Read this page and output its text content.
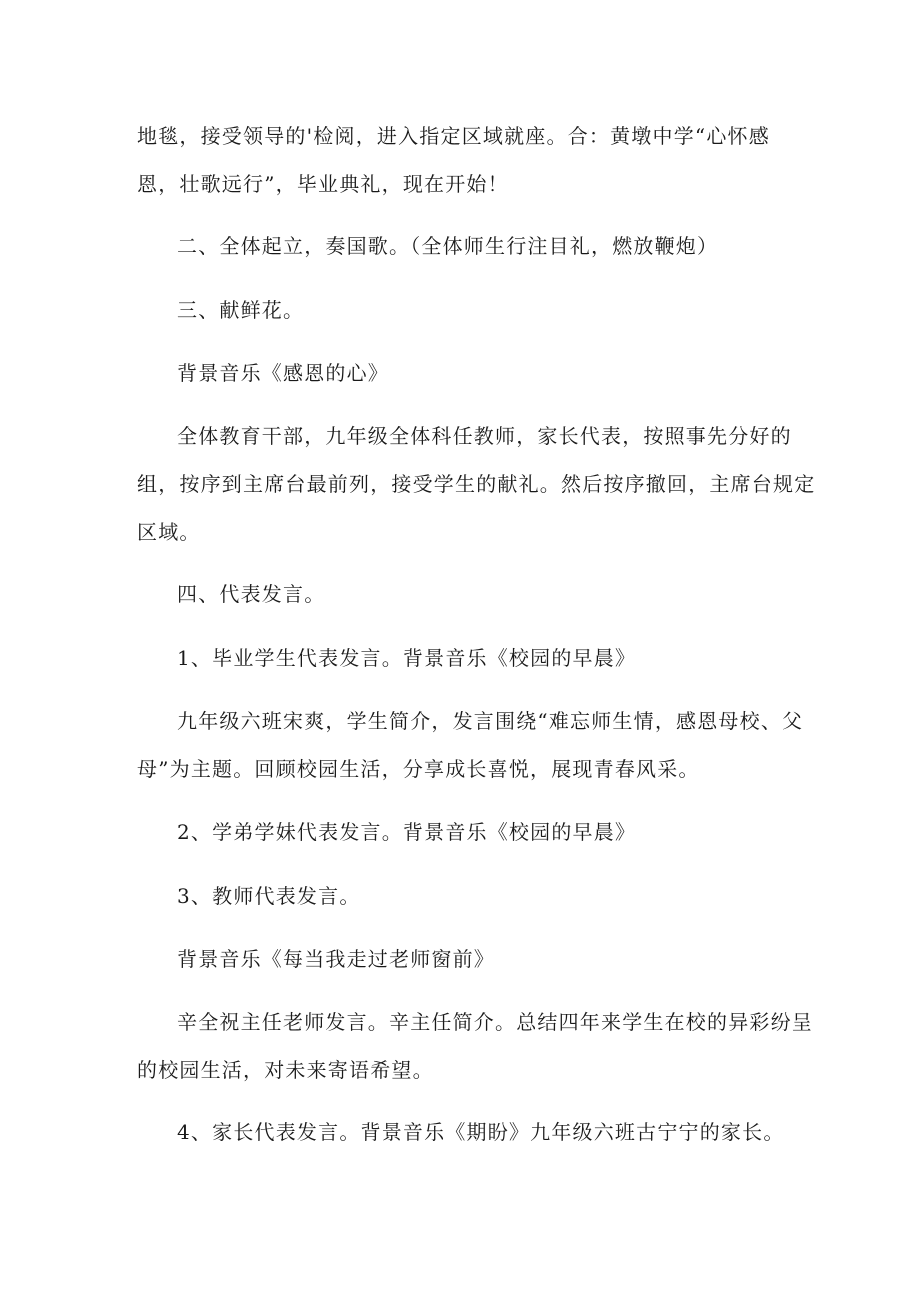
地毯，接受领导的'检阅，进入指定区域就座。合：黄墩中学“心怀感
恩，壮歌远行”，毕业典礼，现在开始！
二、全体起立，奏国歌。（全体师生行注目礼，燃放鞭炮）
三、献鲜花。
背景音乐《感恩的心》
全体教育干部，九年级全体科任教师，家长代表，按照事先分好的
组，按序到主席台最前列，接受学生的献礼。然后按序撤回，主席台规定
区域。
四、代表发言。
1、毕业学生代表发言。背景音乐《校园的早晨》
九年级六班宋爽，学生简介，发言围绕“难忘师生情，感恩母校、父
母”为主题。回顾校园生活，分享成长喜悦，展现青春风采。
2、学弟学妹代表发言。背景音乐《校园的早晨》
3、教师代表发言。
背景音乐《每当我走过老师窗前》
辛全祝主任老师发言。辛主任简介。总结四年来学生在校的异彩纷呈
的校园生活，对未来寄语希望。
4、家长代表发言。背景音乐《期盼》九年级六班古宁宁的家长。
